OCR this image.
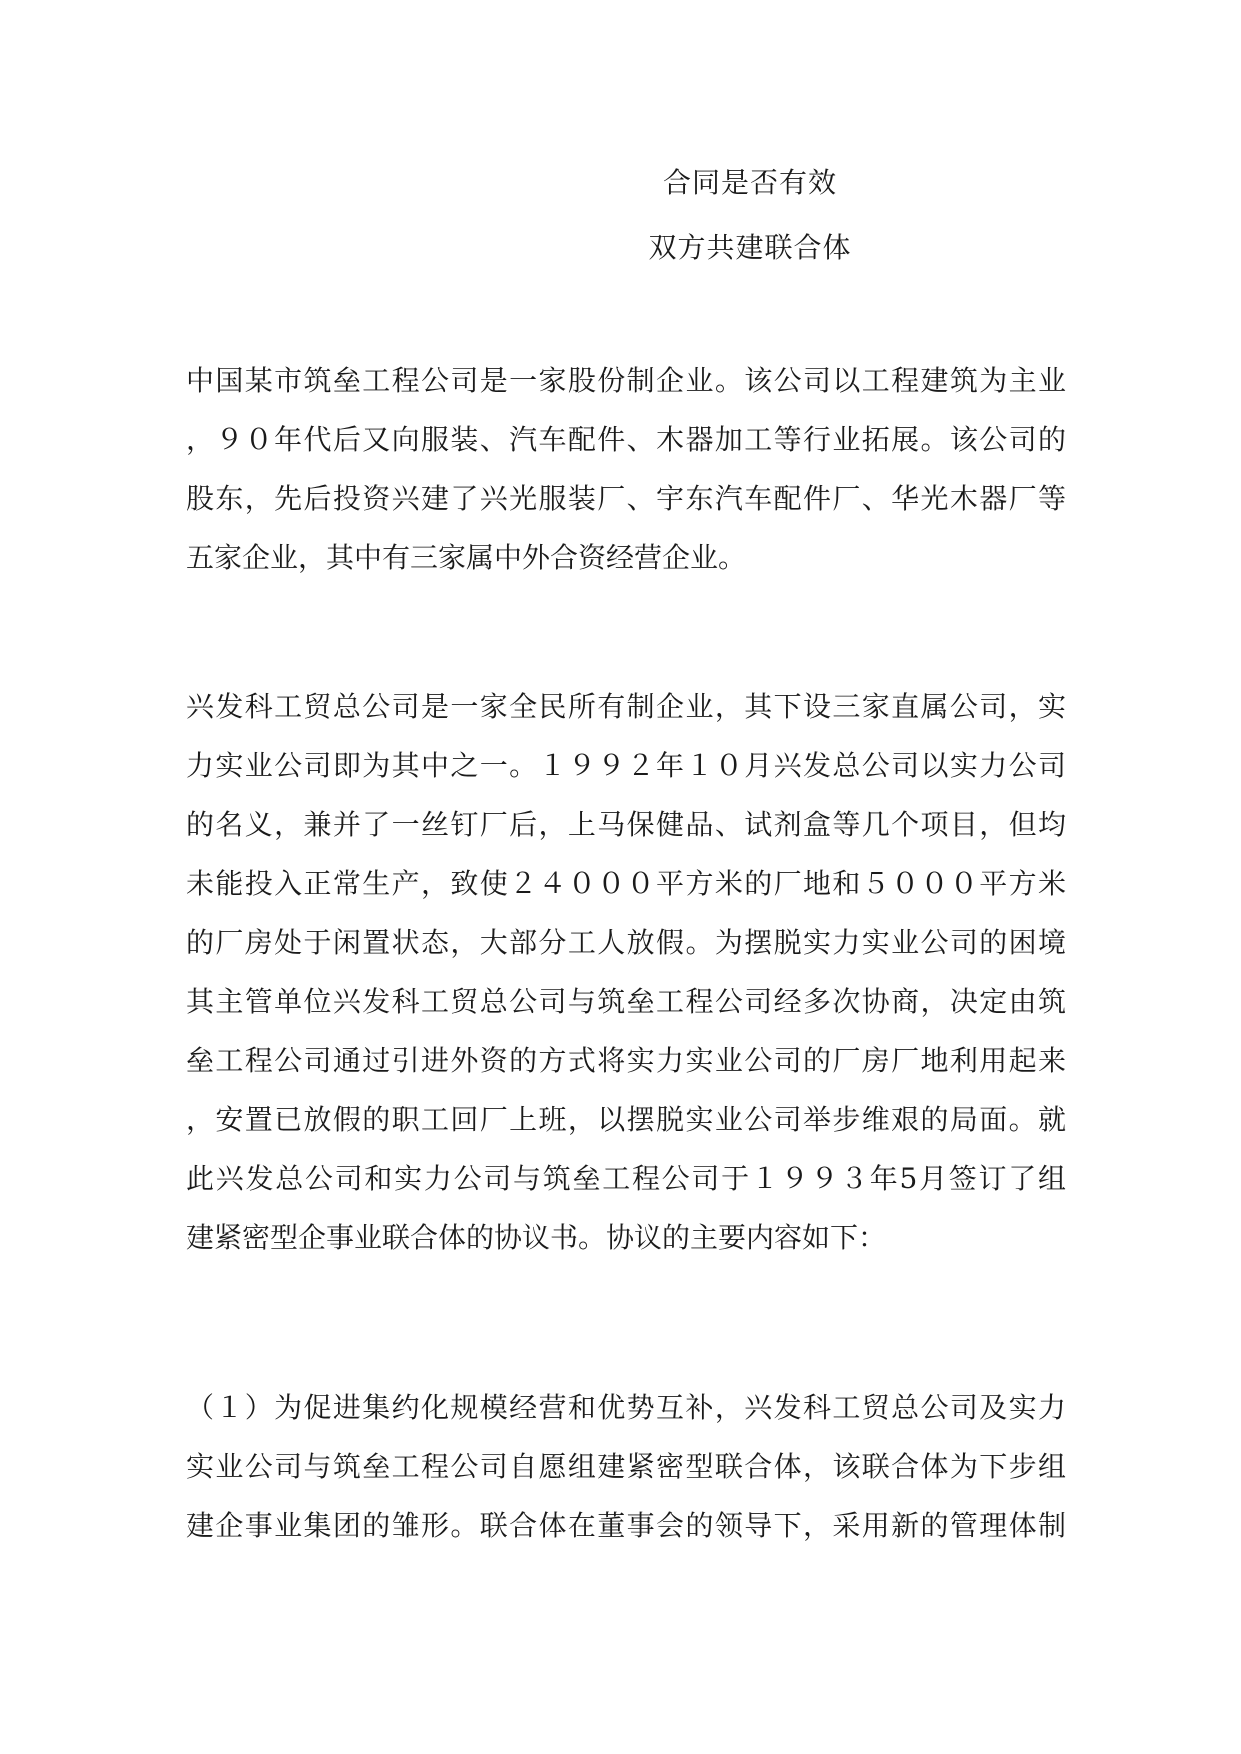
合同是否有效
双方共建联合体
中国某市筑垒工程公司是一家股份制企业。该公司以工程建筑为主业
，９０年代后又向服装、汽车配件、木器加工等行业拓展。该公司的
股东，先后投资兴建了兴光服装厂、宇东汽车配件厂、华光木器厂等
五家企业，其中有三家属中外合资经营企业。
兴发科工贸总公司是一家全民所有制企业，其下设三家直属公司，实
力实业公司即为其中之一。１９９２年１０月兴发总公司以实力公司
的名义，兼并了一丝钉厂后，上马保健品、试剂盒等几个项目，但均
未能投入正常生产，致使２４０００平方米的厂地和５０００平方米
的厂房处于闲置状态，大部分工人放假。为摆脱实力实业公司的困境
其主管单位兴发科工贸总公司与筑垒工程公司经多次协商，决定由筑
垒工程公司通过引进外资的方式将实力实业公司的厂房厂地利用起来
，安置已放假的职工回厂上班，以摆脱实业公司举步维艰的局面。就
此兴发总公司和实力公司与筑垒工程公司于１９９３年5月签订了组
建紧密型企事业联合体的协议书。协议的主要内容如下：
（１）为促进集约化规模经营和优势互补，兴发科工贸总公司及实力
实业公司与筑垒工程公司自愿组建紧密型联合体，该联合体为下步组
建企事业集团的雏形。联合体在董事会的领导下，采用新的管理体制
